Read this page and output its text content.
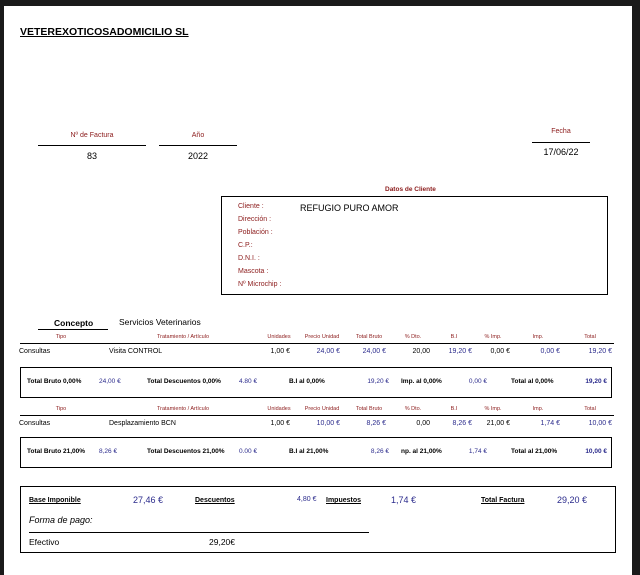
VETEREXOTICOSADOMICILIO SL
Nº de Factura
83
Año
2022
Fecha
17/06/22
Datos de Cliente
Cliente :
Dirección :
Población :
C.P.:
D.N.I. :
Mascota :
Nº Microchip :
REFUGIO PURO AMOR
Concepto	Servicios Veterinarios
Tipo	Tratamiento / Artículo	Unidades	Precio Unidad	Total Bruto	% Dto.	B.I	% Imp.	Imp.	Total
Consultas	Visita CONTROL	1,00 €	24,00 €	24,00 €	20,00	19,20 €	0,00 €	0,00 €	19,20 €
Total Bruto 0,00%	24,00 €	Total Descuentos 0,00%	4.80 €	B.I al 0,00%	19,20 € Imp. al 0,00%	0,00 €	Total al 0,00%	19,20 €
Tipo	Tratamiento / Artículo	Unidades	Precio Unidad	Total Bruto	% Dto.	B.I	% Imp.	Imp.	Total
Consultas	Desplazamiento BCN	1,00 €	10,00 €	8,26 €	0,00	8,26 €	21,00 €	1,74 €	10,00 €
Total Bruto 21,00% 8,26 €	Total Descuentos 21,00% 0.00 €	B.I al 21,00%	8,26 € np. al 21,00%	1,74 €	Total al 21,00%	10,00 €
Base Imponible	27,46 €	Descuentos	4,80 € Impuestos	1,74 €	Total Factura	29,20 €
Forma de pago:
Efectivo	29,20€
